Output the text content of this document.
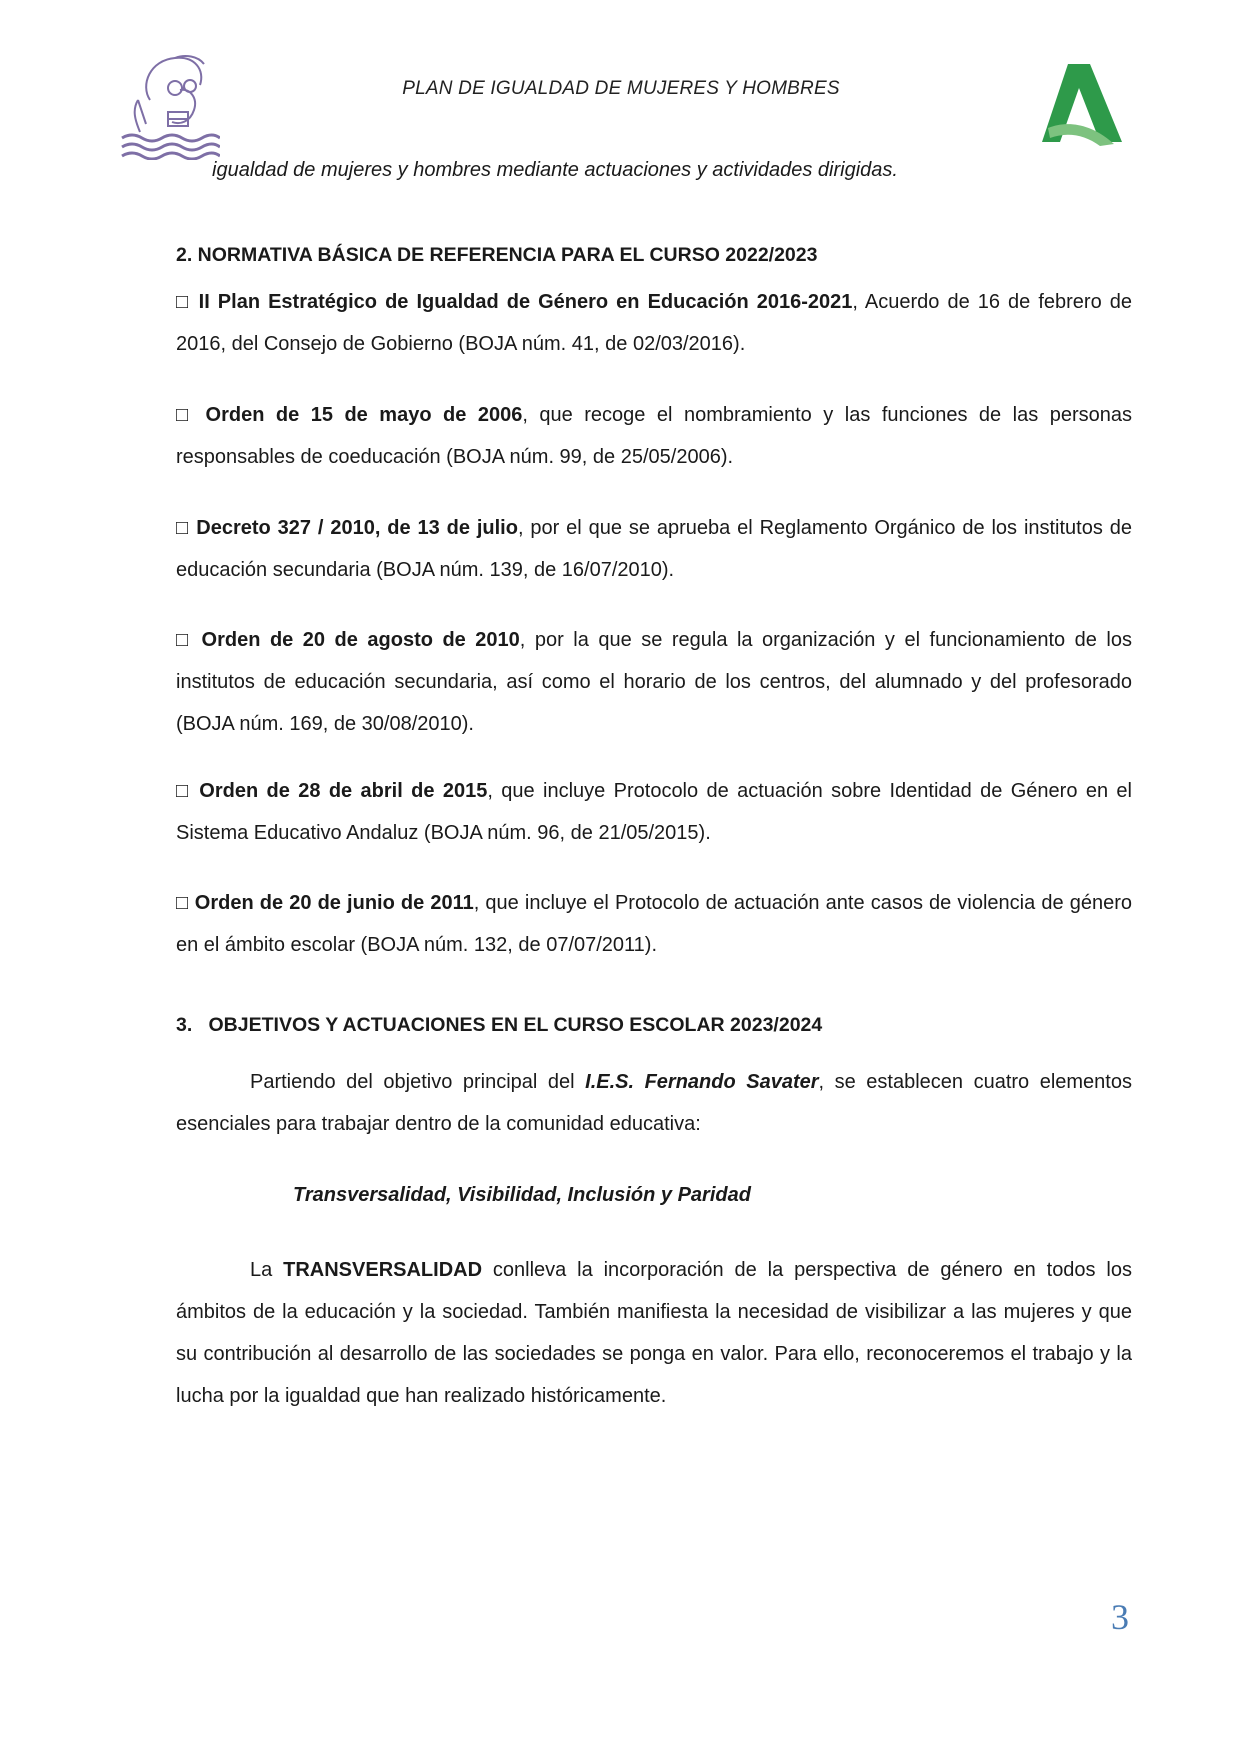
PLAN DE IGUALDAD DE MUJERES Y HOMBRES
igualdad de mujeres y hombres mediante actuaciones y actividades dirigidas.
2. NORMATIVA BÁSICA DE REFERENCIA PARA EL CURSO 2022/2023
□ II Plan Estratégico de Igualdad de Género en Educación 2016-2021, Acuerdo de 16 de febrero de 2016, del Consejo de Gobierno (BOJA núm. 41, de 02/03/2016).
□ Orden de 15 de mayo de 2006, que recoge el nombramiento y las funciones de las personas responsables de coeducación (BOJA núm. 99, de 25/05/2006).
□ Decreto 327 / 2010, de 13 de julio, por el que se aprueba el Reglamento Orgánico de los institutos de educación secundaria (BOJA núm. 139, de 16/07/2010).
□ Orden de 20 de agosto de 2010, por la que se regula la organización y el funcionamiento de los institutos de educación secundaria, así como el horario de los centros, del alumnado y del profesorado (BOJA núm. 169, de 30/08/2010).
□ Orden de 28 de abril de 2015, que incluye Protocolo de actuación sobre Identidad de Género en el Sistema Educativo Andaluz (BOJA núm. 96, de 21/05/2015).
□ Orden de 20 de junio de 2011, que incluye el Protocolo de actuación ante casos de violencia de género en el ámbito escolar (BOJA núm. 132, de 07/07/2011).
3.   OBJETIVOS Y ACTUACIONES EN EL CURSO ESCOLAR 2023/2024
Partiendo del objetivo principal del I.E.S. Fernando Savater, se establecen cuatro elementos esenciales para trabajar dentro de la comunidad educativa:
Transversalidad, Visibilidad, Inclusión y Paridad
La TRANSVERSALIDAD conlleva la incorporación de la perspectiva de género en todos los ámbitos de la educación y la sociedad. También manifiesta la necesidad de visibilizar a las mujeres y que su contribución al desarrollo de las sociedades se ponga en valor. Para ello, reconoceremos el trabajo y la lucha por la igualdad que han realizado históricamente.
3
